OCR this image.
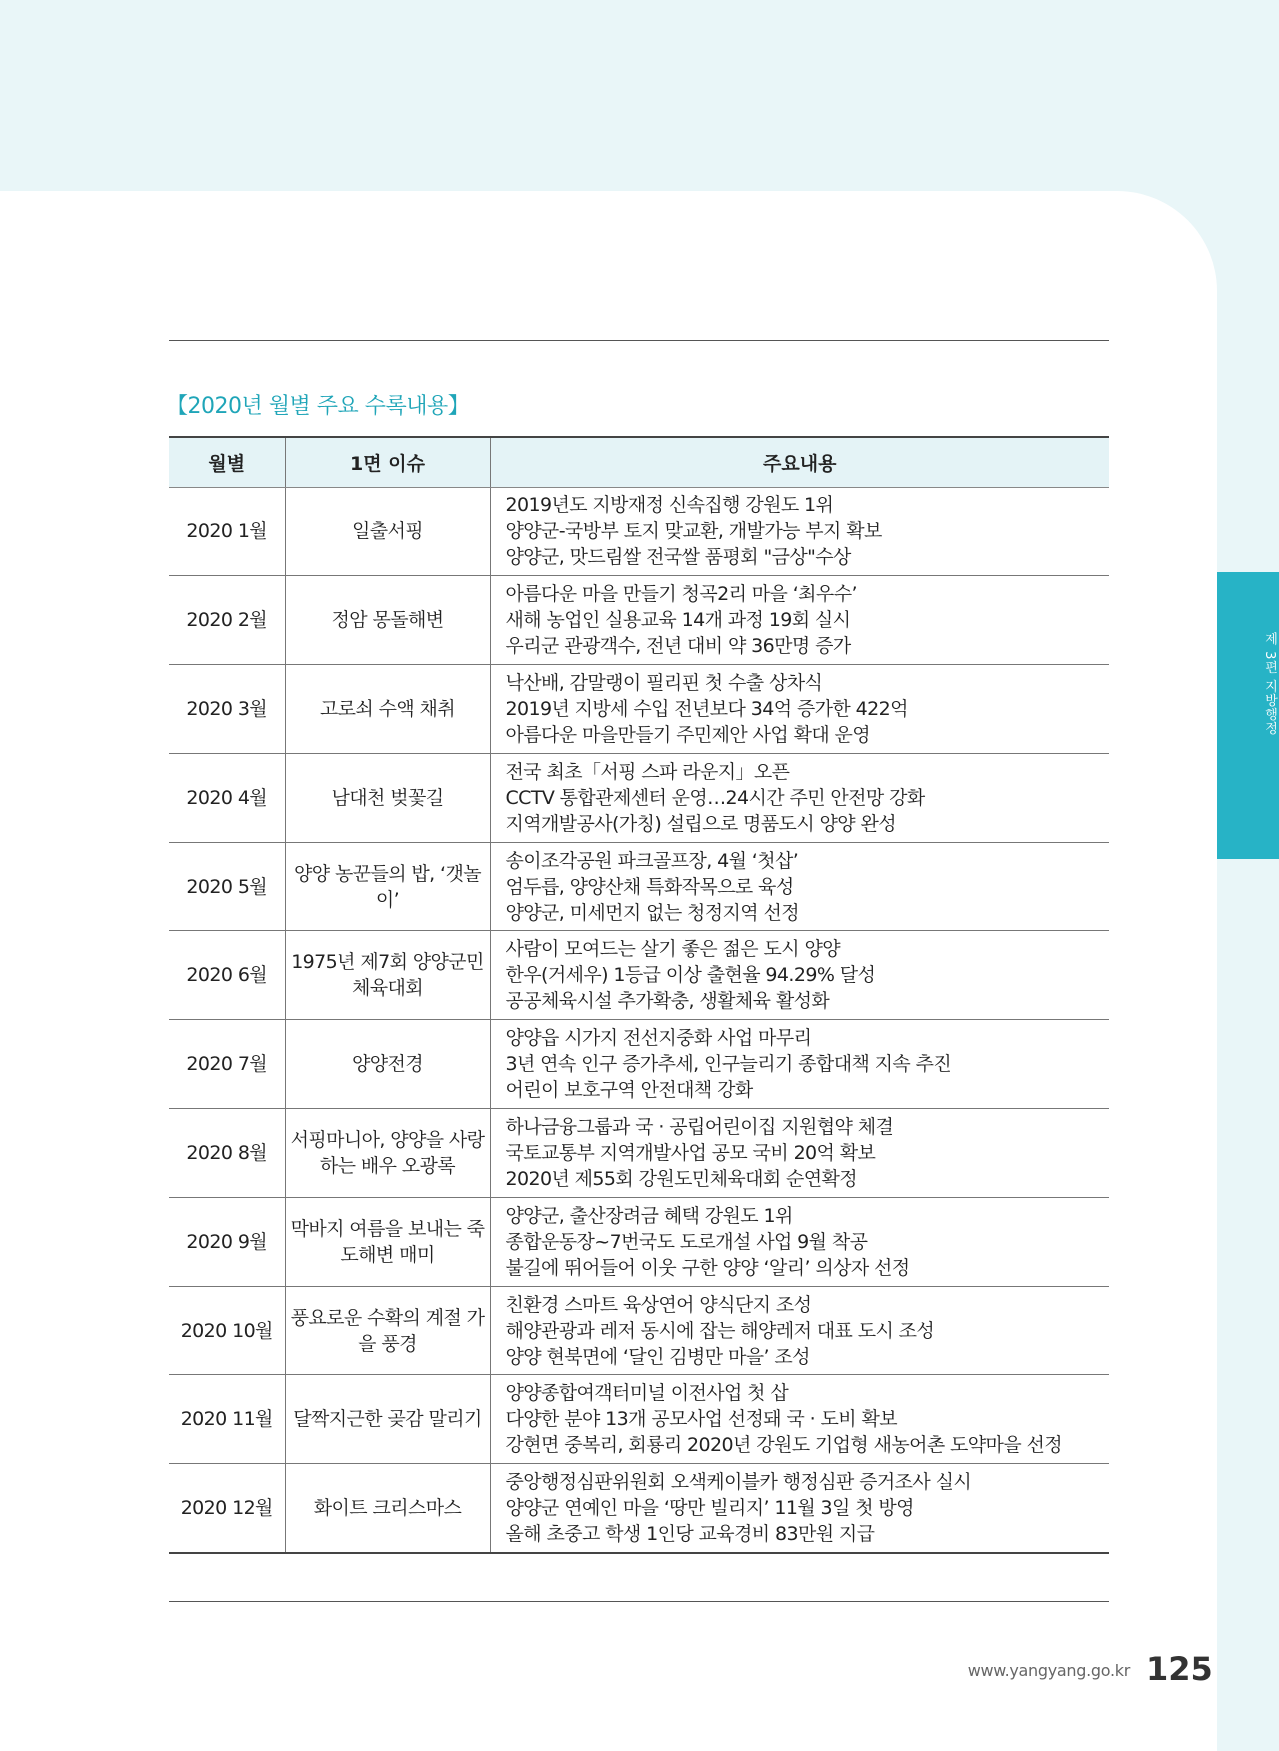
【2020년 월별 주요 수록내용】
월별	1면 이슈	주요내용
2020 1월	일출서핑	2019년도 지방재정 신속집행 강원도 1위
양양군-국방부 토지 맞교환, 개발가능 부지 확보
양양군, 맛드림쌀 전국쌀 품평회 "금상"수상

2020 2월	정암 몽돌해변	아름다운 마을 만들기 청곡2리 마을 ‘최우수’
새해 농업인 실용교육 14개 과정 19회 실시
우리군 관광객수, 전년 대비 약 36만명 증가

2020 3월	고로쇠 수액 채취	낙산배, 감말랭이 필리핀 첫 수출 상차식
2019년 지방세 수입 전년보다 34억 증가한 422억
아름다운 마을만들기 주민제안 사업 확대 운영

2020 4월	남대천 벚꽃길	전국 최초「서핑 스파 라운지」오픈
CCTV 통합관제센터 운영…24시간 주민 안전망 강화
지역개발공사(가칭) 설립으로 명품도시 양양 완성

2020 5월	양양 농꾼들의 밥, ‘갯놀이’	송이조각공원 파크골프장, 4월 ‘첫삽’
엄두릅, 양양산채 특화작목으로 육성
양양군, 미세먼지 없는 청정지역 선정

2020 6월	1975년 제7회 양양군민체육대회	사람이 모여드는 살기 좋은 젊은 도시 양양
한우(거세우) 1등급 이상 출현율 94.29% 달성
공공체육시설 추가확충, 생활체육 활성화

2020 7월	양양전경	양양읍 시가지 전선지중화 사업 마무리
3년 연속 인구 증가추세, 인구늘리기 종합대책 지속 추진
어린이 보호구역 안전대책 강화

2020 8월	서핑마니아, 양양을 사랑하는 배우 오광록	하나금융그룹과 국 · 공립어린이집 지원협약 체결
국토교통부 지역개발사업 공모 국비 20억 확보
2020년 제55회 강원도민체육대회 순연확정

2020 9월	막바지 여름을 보내는 죽도해변 매미	양양군, 출산장려금 혜택 강원도 1위
종합운동장~7번국도 도로개설 사업 9월 착공
불길에 뛰어들어 이웃 구한 양양 ‘알리’ 의상자 선정

2020 10월	풍요로운 수확의 계절 가을 풍경	친환경 스마트 육상연어 양식단지 조성
해양관광과 레저 동시에 잡는 해양레저 대표 도시 조성
양양 현북면에 ‘달인 김병만 마을’ 조성

2020 11월	달짝지근한 곶감 말리기	양양종합여객터미널 이전사업 첫 삽
다양한 분야 13개 공모사업 선정돼 국 · 도비 확보
강현면 중복리, 회룡리 2020년 강원도 기업형 새농어촌 도약마을 선정

2020 12월	화이트 크리스마스	중앙행정심판위원회 오색케이블카 행정심판 증거조사 실시
양양군 연예인 마을 ‘땅만 빌리지’ 11월 3일 첫 방영
올해 초중고 학생 1인당 교육경비 83만원 지급
제 3편 지방행정
www.yangyang.go.kr 125
